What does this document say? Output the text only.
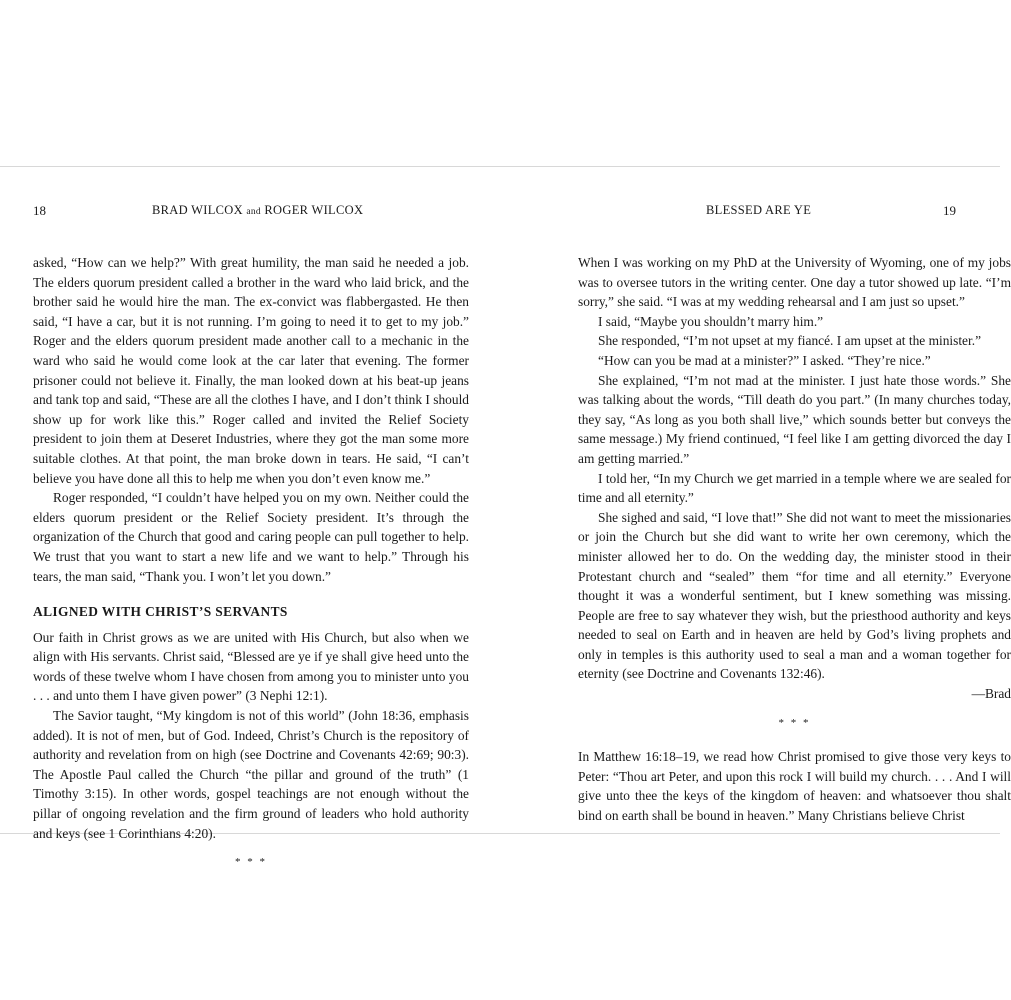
18	BRAD WILCOX and ROGER WILCOX

asked, “How can we help?” With great humility, the man said he needed a job. The elders quorum president called a brother in the ward who laid brick, and the brother said he would hire the man. The ex-convict was flabbergasted. He then said, “I have a car, but it is not running. I’m going to need it to get to my job.” Roger and the elders quorum president made another call to a mechanic in the ward who said he would come look at the car later that evening. The former prisoner could not believe it. Finally, the man looked down at his beat-up jeans and tank top and said, “These are all the clothes I have, and I don’t think I should show up for work like this.” Roger called and invited the Relief Society president to join them at Deseret Industries, where they got the man some more suitable clothes. At that point, the man broke down in tears. He said, “I can’t believe you have done all this to help me when you don’t even know me.”

Roger responded, “I couldn’t have helped you on my own. Neither could the elders quorum president or the Relief Society president. It’s through the organization of the Church that good and caring people can pull together to help. We trust that you want to start a new life and we want to help.” Through his tears, the man said, “Thank you. I won’t let you down.”

ALIGNED WITH CHRIST’S SERVANTS

Our faith in Christ grows as we are united with His Church, but also when we align with His servants. Christ said, “Blessed are ye if ye shall give heed unto the words of these twelve whom I have chosen from among you to minister unto you . . . and unto them I have given power” (3 Nephi 12:1).

The Savior taught, “My kingdom is not of this world” (John 18:36, emphasis added). It is not of men, but of God. Indeed, Christ’s Church is the repository of authority and revelation from on high (see Doctrine and Covenants 42:69; 90:3). The Apostle Paul called the Church “the pillar and ground of the truth” (1 Timothy 3:15). In other words, gospel teachings are not enough without the pillar of ongoing revelation and the firm ground of leaders who hold authority and keys (see 1 Corinthians 4:20).

* * *
BLESSED ARE YE	19

When I was working on my PhD at the University of Wyoming, one of my jobs was to oversee tutors in the writing center. One day a tutor showed up late. “I’m sorry,” she said. “I was at my wedding rehearsal and I am just so upset.”

I said, “Maybe you shouldn’t marry him.”

She responded, “I’m not upset at my fiancé. I am upset at the minister.”

“How can you be mad at a minister?” I asked. “They’re nice.”

She explained, “I’m not mad at the minister. I just hate those words.” She was talking about the words, “Till death do you part.” (In many churches today, they say, “As long as you both shall live,” which sounds better but conveys the same message.) My friend continued, “I feel like I am getting divorced the day I am getting married.”

I told her, “In my Church we get married in a temple where we are sealed for time and all eternity.”

She sighed and said, “I love that!” She did not want to meet the missionaries or join the Church but she did want to write her own ceremony, which the minister allowed her to do. On the wedding day, the minister stood in their Protestant church and “sealed” them “for time and all eternity.” Everyone thought it was a wonderful sentiment, but I knew something was missing. People are free to say whatever they wish, but the priesthood authority and keys needed to seal on Earth and in heaven are held by God’s living prophets and only in temples is this authority used to seal a man and a woman together for eternity (see Doctrine and Covenants 132:46).

—Brad

* * *

In Matthew 16:18–19, we read how Christ promised to give those very keys to Peter: “Thou art Peter, and upon this rock I will build my church. . . . And I will give unto thee the keys of the kingdom of heaven: and whatsoever thou shalt bind on earth shall be bound in heaven.” Many Christians believe Christ
